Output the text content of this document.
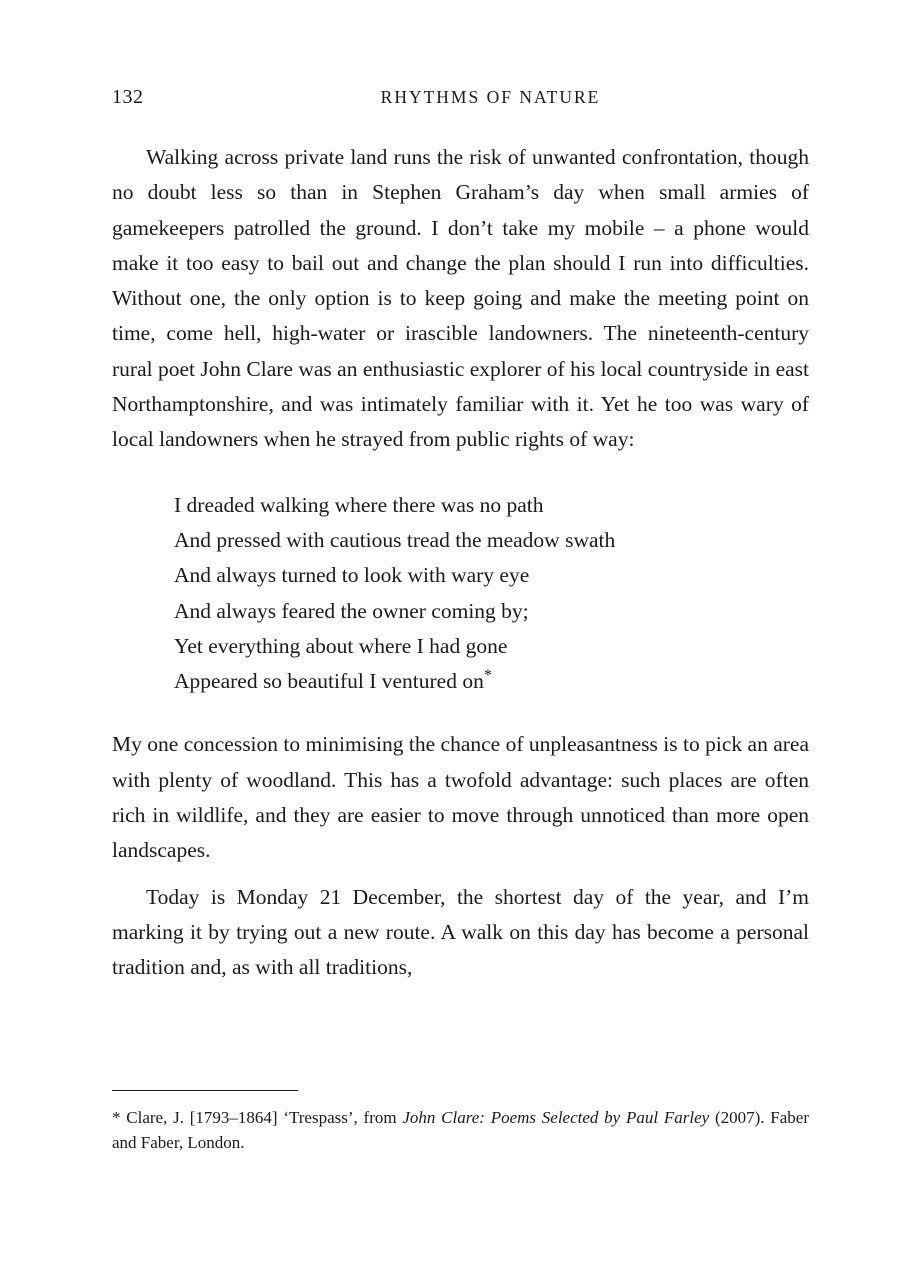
132	RHYTHMS OF NATURE

Walking across private land runs the risk of unwanted confrontation, though no doubt less so than in Stephen Graham’s day when small armies of gamekeepers patrolled the ground. I don’t take my mobile – a phone would make it too easy to bail out and change the plan should I run into difficulties. Without one, the only option is to keep going and make the meeting point on time, come hell, high-water or irascible landowners. The nineteenth-century rural poet John Clare was an enthusiastic explorer of his local countryside in east Northamptonshire, and was intimately familiar with it. Yet he too was wary of local landowners when he strayed from public rights of way:

I dreaded walking where there was no path
And pressed with cautious tread the meadow swath
And always turned to look with wary eye
And always feared the owner coming by;
Yet everything about where I had gone
Appeared so beautiful I ventured on*

My one concession to minimising the chance of unpleasantness is to pick an area with plenty of woodland. This has a twofold advantage: such places are often rich in wildlife, and they are easier to move through unnoticed than more open landscapes.

Today is Monday 21 December, the shortest day of the year, and I’m marking it by trying out a new route. A walk on this day has become a personal tradition and, as with all traditions,

* Clare, J. [1793–1864] ‘Trespass’, from John Clare: Poems Selected by Paul Farley (2007). Faber and Faber, London.
